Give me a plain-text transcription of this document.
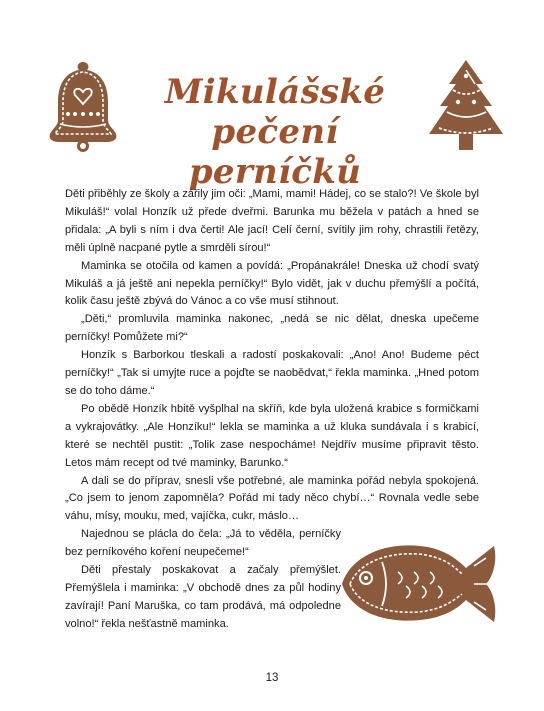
Mikulášské
pečení perníčků

Děti přiběhly ze školy a zářily jim oči: „Mami, mami! Hádej, co se stalo?! Ve škole byl Mikuláš!“ volal Honzík už přede dveřmi. Barunka mu běžela v patách a hned se přidala: „A byli s ním i dva čerti! Ale jací! Celí černí, svítily jim rohy, chrastili řetězy, měli úplně nacpané pytle a smrděli sírou!“

Maminka se otočila od kamen a povídá: „Propánakrále! Dneska už chodí svatý Mikuláš a já ještě ani nepekla perníčky!“ Bylo vidět, jak v duchu přemýšlí a počítá, kolik času ještě zbývá do Vánoc a co vše musí stihnout.

„Děti,“ promluvila maminka nakonec, „nedá se nic dělat, dneska upečeme perníčky! Pomůžete mi?“

Honzík s Barborkou tleskali a radostí poskakovali: „Ano! Ano! Budeme péct perníčky!“ „Tak si umyjte ruce a pojďte se naobědvat,“ řekla maminka. „Hned potom se do toho dáme.“

Po obědě Honzík hbitě vyšplhal na skříň, kde byla uložená krabice s formičkami a vykrajovátky. „Ale Honzíku!“ lekla se maminka a už kluka sundávala i s krabicí, které se nechtěl pustit: „Tolik zase nespocháme! Nejdřív musíme připravit těsto. Letos mám recept od tvé maminky, Barunko.“

A dali se do příprav, snesli vše potřebné, ale maminka pořád nebyla spokojená. „Co jsem to jenom zapomněla? Pořád mi tady něco chybí…“ Rovnala vedle sebe váhu, mísy, mouku, med, vajíčka, cukr, máslo…

Najednou se plácla do čela: „Já to věděla, perníčky bez perníkového koření neupečeme!“

Děti přestaly poskakovat a začaly přemýšlet. Přemýšlela i maminka: „V obchodě dnes za půl hodiny zavírají! Paní Maruška, co tam prodává, má odpoledne volno!“ řekla nešťastně maminka.

13
